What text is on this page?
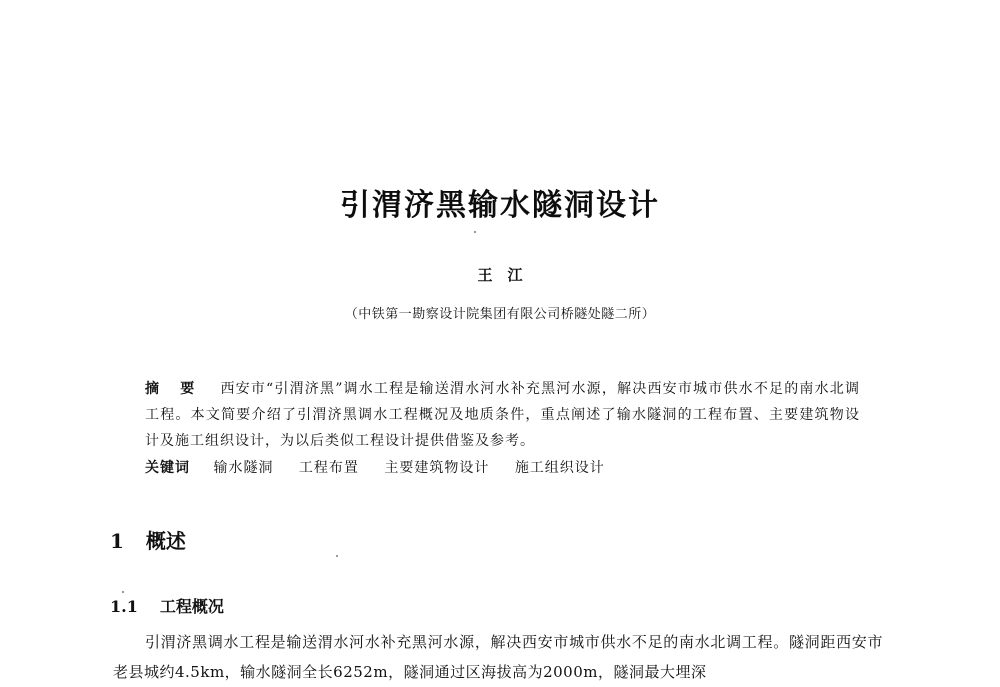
引渭济黑输水隧洞设计
王　江
（中铁第一勘察设计院集团有限公司桥隧处隧二所）
摘 要 西安市“引渭济黑”调水工程是输送渭水河水补充黑河水源，解决西安市城市供水不足的南水北调工程。本文简要介绍了引渭济黑调水工程概况及地质条件，重点阐述了输水隧洞的工程布置、主要建筑物设计及施工组织设计，为以后类似工程设计提供借鉴及参考。
关键词 输水隧洞 工程布置 主要建筑物设计 施工组织设计
1 概述
1.1 工程概况
引渭济黑调水工程是输送渭水河水补充黑河水源，解决西安市城市供水不足的南水北调工程。隧洞距西安市老县城约4.5km，输水隧洞全长6252m，隧洞通过区海拔高为2000m，隧洞最大埋深
